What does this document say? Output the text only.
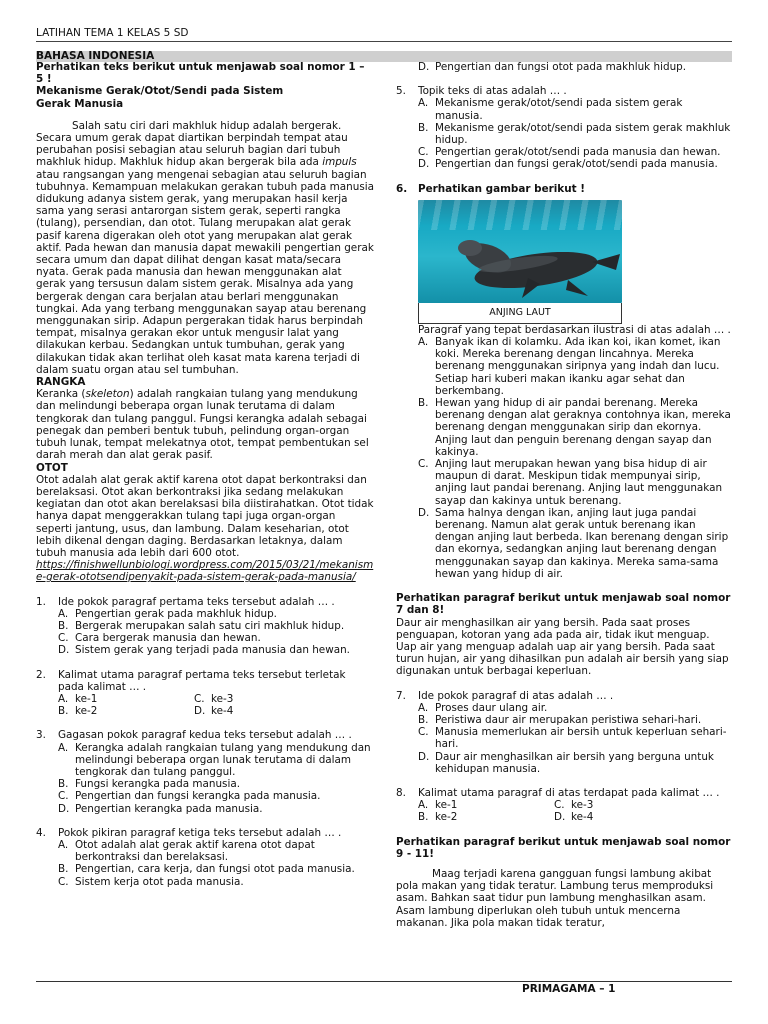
LATIHAN TEMA 1 KELAS 5 SD
BAHASA INDONESIA

Perhatikan teks berikut untuk menjawab soal nomor 1 – 5 !

Mekanisme Gerak/Otot/Sendi pada Sistem

Gerak Manusia

Salah satu ciri dari makhluk hidup adalah bergerak. Secara umum gerak dapat diartikan berpindah tempat atau perubahan posisi sebagian atau seluruh bagian dari tubuh makhluk hidup. Makhluk hidup akan bergerak bila ada impuls atau rangsangan yang mengenai sebagian atau seluruh bagian tubuhnya. Kemampuan melakukan gerakan tubuh pada manusia didukung adanya sistem gerak, yang merupakan hasil kerja sama yang serasi antarorgan sistem gerak, seperti rangka (tulang), persendian, dan otot. Tulang merupakan alat gerak pasif karena digerakan oleh otot yang merupakan alat gerak aktif. Pada hewan dan manusia dapat mewakili pengertian gerak secara umum dan dapat dilihat dengan kasat mata/secara nyata. Gerak pada manusia dan hewan menggunakan alat gerak yang tersusun dalam sistem gerak. Misalnya ada yang bergerak dengan cara berjalan atau berlari menggunakan tungkai. Ada yang terbang menggunakan sayap atau berenang menggunakan sirip. Adapun pergerakan tidak harus berpindah tempat, misalnya gerakan ekor untuk mengusir lalat yang dilakukan kerbau. Sedangkan untuk tumbuhan, gerak yang dilakukan tidak akan terlihat oleh kasat mata karena terjadi di dalam suatu organ atau sel tumbuhan.

RANGKA

Keranka (skeleton) adalah rangkaian tulang yang mendukung dan melindungi beberapa organ lunak terutama di dalam tengkorak dan tulang panggul. Fungsi kerangka adalah sebagai penegak dan pemberi bentuk tubuh, pelindung organ-organ tubuh lunak, tempat melekatnya otot, tempat pembentukan sel darah merah dan alat gerak pasif.

OTOT

Otot adalah alat gerak aktif karena otot dapat berkontraksi dan berelaksasi. Otot akan berkontraksi jika sedang melakukan kegiatan dan otot akan berelaksasi bila diistirahatkan. Otot tidak hanya dapat menggerakkan tulang tapi juga organ-organ seperti jantung, usus, dan lambung. Dalam keseharian, otot lebih dikenal dengan daging. Berdasarkan letaknya, dalam tubuh manusia ada lebih dari 600 otot.

https://finishwellunbiologi.wordpress.com/2015/03/21/mekanisme-gerak-ototsendipenyakit-pada-sistem-gerak-pada-manusia/

1. Ide pokok paragraf pertama teks tersebut adalah … .

A. Pengertian gerak pada makhluk hidup.
B. Bergerak merupakan salah satu ciri makhluk hidup.
C. Cara bergerak manusia dan hewan.
D. Sistem gerak yang terjadi pada manusia dan hewan.
2. Kalimat utama paragraf pertama teks tersebut terletak pada kalimat … .

A. ke-1	C. ke-3
B. ke-2	D. ke-4
3. Gagasan pokok paragraf kedua teks tersebut adalah … .

A. Kerangka adalah rangkaian tulang yang mendukung dan melindungi beberapa organ lunak terutama di dalam tengkorak dan tulang panggul.
B. Fungsi kerangka pada manusia.
C. Pengertian dan fungsi kerangka pada manusia.
D. Pengertian kerangka pada manusia.
4. Pokok pikiran paragraf ketiga teks tersebut adalah … .

A. Otot adalah alat gerak aktif karena otot dapat berkontraksi dan berelaksasi.
B. Pengertian, cara kerja, dan fungsi otot pada manusia.
C. Sistem kerja otot pada manusia.
D. Pengertian dan fungsi otot pada makhluk hidup.
5. Topik teks di atas adalah … .

A. Mekanisme gerak/otot/sendi pada sistem gerak manusia.
B. Mekanisme gerak/otot/sendi pada sistem gerak makhluk hidup.
C. Pengertian gerak/otot/sendi pada manusia dan hewan.
D. Pengertian dan fungsi gerak/otot/sendi pada manusia.
6. Perhatikan gambar berikut !

ANJING LAUT

Paragraf yang tepat berdasarkan ilustrasi di atas adalah … .

A. Banyak ikan di kolamku. Ada ikan koi, ikan komet, ikan koki. Mereka berenang dengan lincahnya. Mereka berenang menggunakan siripnya yang indah dan lucu. Setiap hari kuberi makan ikanku agar sehat dan berkembang.
B. Hewan yang hidup di air pandai berenang. Mereka berenang dengan alat geraknya contohnya ikan, mereka berenang dengan menggunakan sirip dan ekornya. Anjing laut dan penguin berenang dengan sayap dan kakinya.
C. Anjing laut merupakan hewan yang bisa hidup di air maupun di darat. Meskipun tidak mempunyai sirip, anjing laut pandai berenang. Anjing laut menggunakan sayap dan kakinya untuk berenang.
D. Sama halnya dengan ikan, anjing laut juga pandai berenang. Namun alat gerak untuk berenang ikan dengan anjing laut berbeda. Ikan berenang dengan sirip dan ekornya, sedangkan anjing laut berenang dengan menggunakan sayap dan kakinya. Mereka sama-sama hewan yang hidup di air.

Perhatikan paragraf berikut untuk menjawab soal nomor 7 dan 8!

Daur air menghasilkan air yang bersih. Pada saat proses penguapan, kotoran yang ada pada air, tidak ikut menguap. Uap air yang menguap adalah uap air yang bersih. Pada saat turun hujan, air yang dihasilkan pun adalah air bersih yang siap digunakan untuk berbagai keperluan.

7. Ide pokok paragraf di atas adalah … .

A. Proses daur ulang air.
B. Peristiwa daur air merupakan peristiwa sehari-hari.
C. Manusia memerlukan air bersih untuk keperluan sehari-hari.
D. Daur air menghasilkan air bersih yang berguna untuk kehidupan manusia.
8. Kalimat utama paragraf di atas terdapat pada kalimat … .

A. ke-1	C. ke-3
B. ke-2	D. ke-4

Perhatikan paragraf berikut untuk menjawab soal nomor 9 - 11!

Maag terjadi karena gangguan fungsi lambung akibat pola makan yang tidak teratur. Lambung terus memproduksi asam. Bahkan saat tidur pun lambung menghasilkan asam. Asam lambung diperlukan oleh tubuh untuk mencerna makanan. Jika pola makan tidak teratur,

PRIMAGAMA – 1
